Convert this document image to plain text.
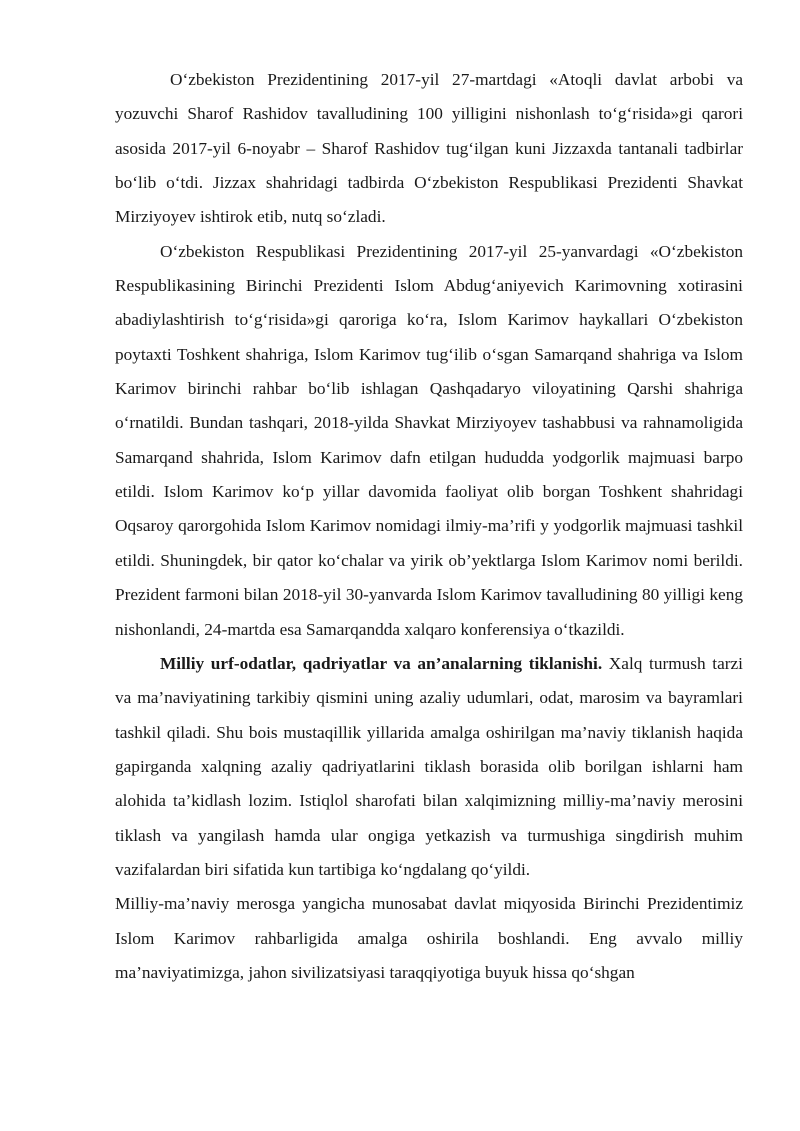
O‘zbekiston Prezidentining 2017-yil 27-martdagi «Atoqli davlat arbobi va yozuvchi Sharof Rashidov tavalludining 100 yilligini nishonlash to‘g‘risida»gi qarori asosida 2017-yil 6-noyabr – Sharof Rashidov tug‘ilgan kuni Jizzaxda tantanali tadbirlar bo‘lib o‘tdi. Jizzax shahridagi tadbirda O‘zbekiston Respublikasi Prezidenti Shavkat Mirziyoyev ishtirok etib, nutq so‘zladi.

O‘zbekiston Respublikasi Prezidentining 2017-yil 25-yanvardagi «O‘zbekiston Respublikasining Birinchi Prezidenti Islom Abdug‘aniyevich Karimovning xotirasini abadiylashtirish to‘g‘risida»gi qaroriga ko‘ra, Islom Karimov haykallari O‘zbekiston poytaxti Toshkent shahriga, Islom Karimov tug‘ilib o‘sgan Samarqand shahriga va Islom Karimov birinchi rahbar bo‘lib ishlagan Qashqadaryo viloyatining Qarshi shahriga o‘rnatildi. Bundan tashqari, 2018-yilda Shavkat Mirziyoyev tashabbusi va rahnamoligida Samarqand shahrida, Islom Karimov dafn etilgan hududda yodgorlik majmuasi barpo etildi. Islom Karimov ko‘p yillar davomida faoliyat olib borgan Toshkent shahridagi Oqsaroy qarorgohida Islom Karimov nomidagi ilmiy-ma’rifi y yodgorlik majmuasi tashkil etildi. Shuningdek, bir qator ko‘chalar va yirik ob’yektlarga Islom Karimov nomi berildi. Prezident farmoni bilan 2018-yil 30-yanvarda Islom Karimov tavalludining 80 yilligi keng nishonlandi, 24-martda esa Samarqandda xalqaro konferensiya o‘tkazildi.

Milliy urf-odatlar, qadriyatlar va an’analarning tiklanishi. Xalq turmush tarzi va ma’naviyatining tarkibiy qismini uning azaliy udumlari, odat, marosim va bayramlari tashkil qiladi. Shu bois mustaqillik yillarida amalga oshirilgan ma’naviy tiklanish haqida gapirganda xalqning azaliy qadriyatlarini tiklash borasida olib borilgan ishlarni ham alohida ta’kidlash lozim. Istiqlol sharofati bilan xalqimizning milliy-ma’naviy merosini tiklash va yangilash hamda ular ongiga yetkazish va turmushiga singdirish muhim vazifalardan biri sifatida kun tartibiga ko‘ngdalang qo‘yildi.

Milliy-ma’naviy merosga yangicha munosabat davlat miqyosida Birinchi Prezidentimiz Islom Karimov rahbarligida amalga oshirila boshlandi. Eng avvalo milliy ma’naviyatimizga, jahon sivilizatsiyasi taraqqiyotiga buyuk hissa qo‘shgan
